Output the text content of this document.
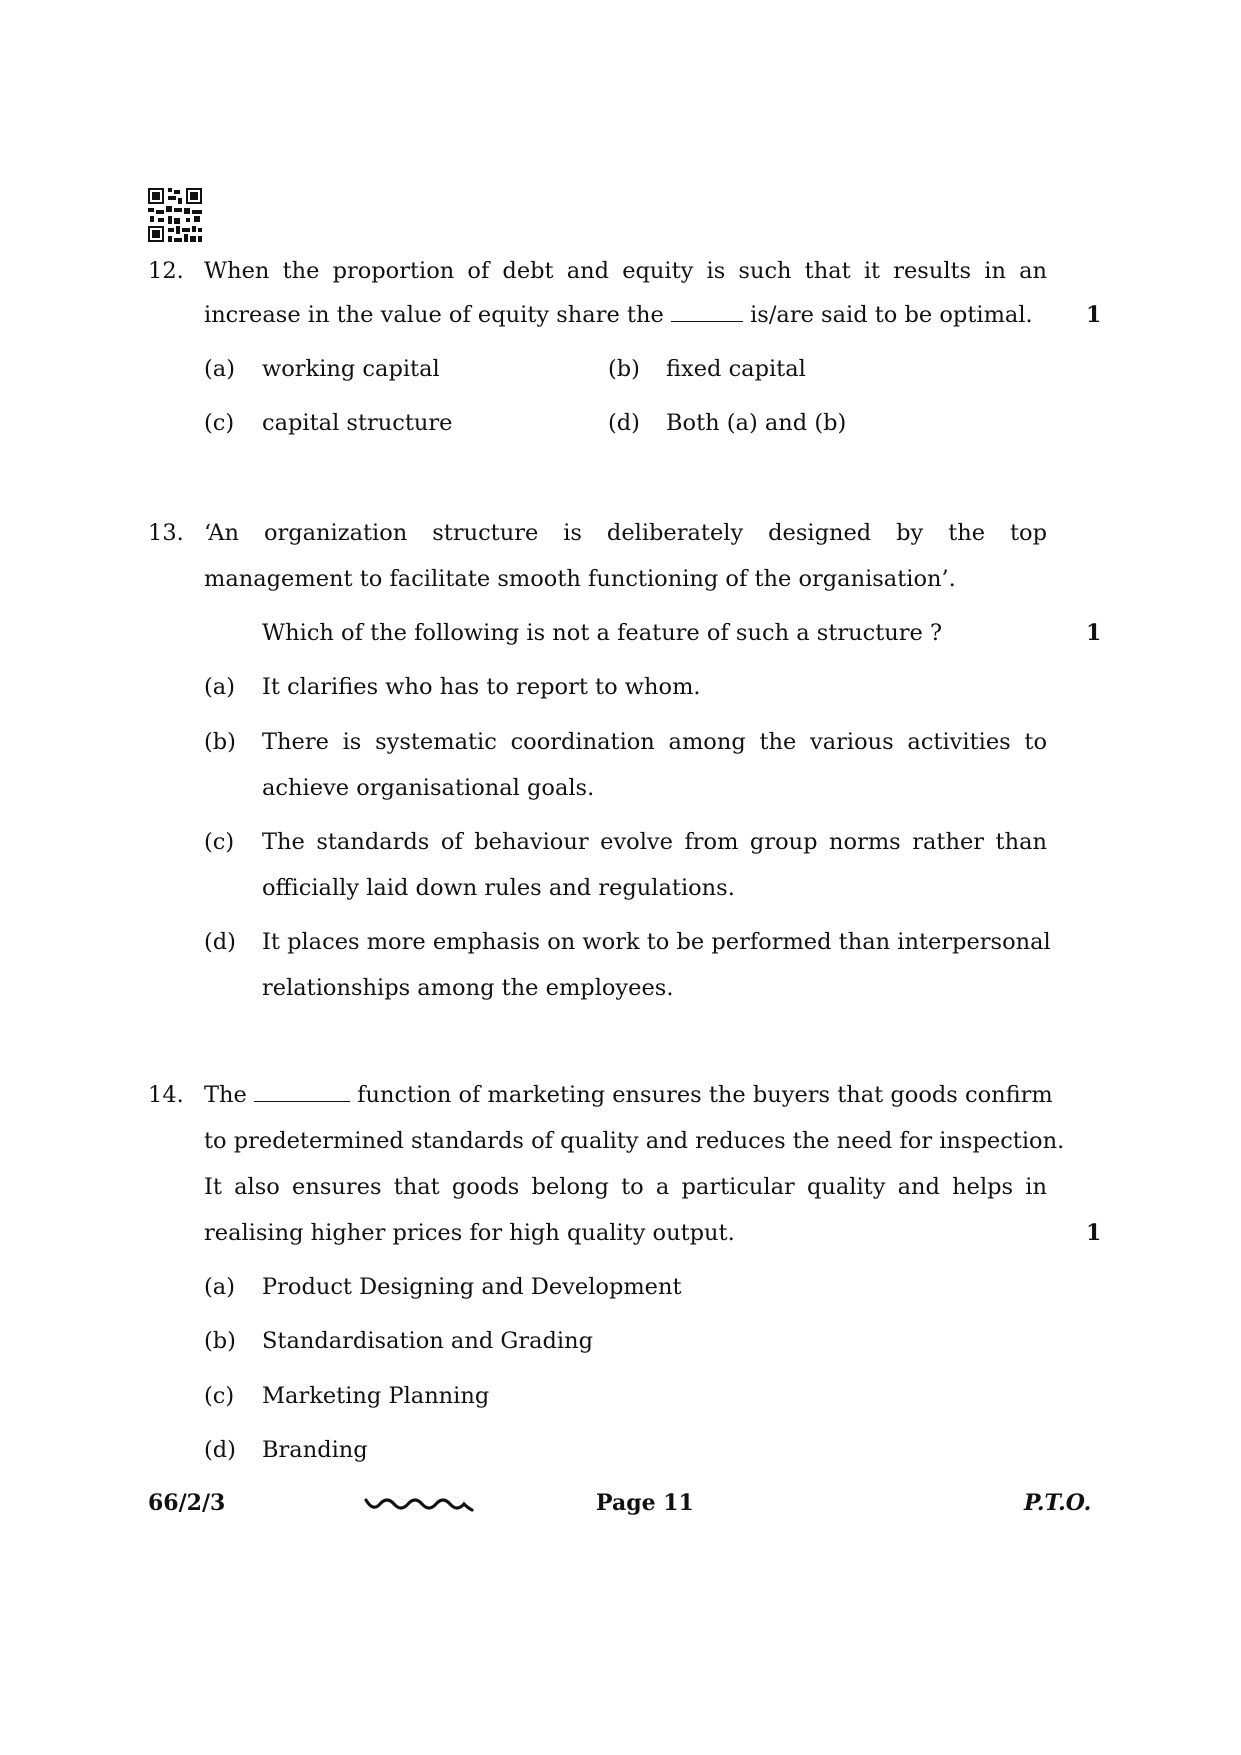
12. When the proportion of debt and equity is such that it results in an
increase in the value of equity share the	is/are said to be optimal. 1
(a) working capital	(b) fixed capital
(c) capital structure	(d) Both (a) and (b)
13. ‘An organization structure is deliberately designed by the top
management to facilitate smooth functioning of the organisation’.
Which of the following is not a feature of such a structure ?	1
(a) It clarifies who has to report to whom.
(b) There is systematic coordination among the various activities to
achieve organisational goals.
(c) The standards of behaviour evolve from group norms rather than
officially laid down rules and regulations.
(d) It places more emphasis on work to be performed than interpersonal
relationships among the employees.
14. The	function of marketing ensures the buyers that goods confirm
to predetermined standards of quality and reduces the need for inspection.
It also ensures that goods belong to a particular quality and helps in
realising higher prices for high quality output.	1
(a) Product Designing and Development
(b) Standardisation and Grading
(c) Marketing Planning
(d) Branding
66/2/3	Page 11	P.T.O.
